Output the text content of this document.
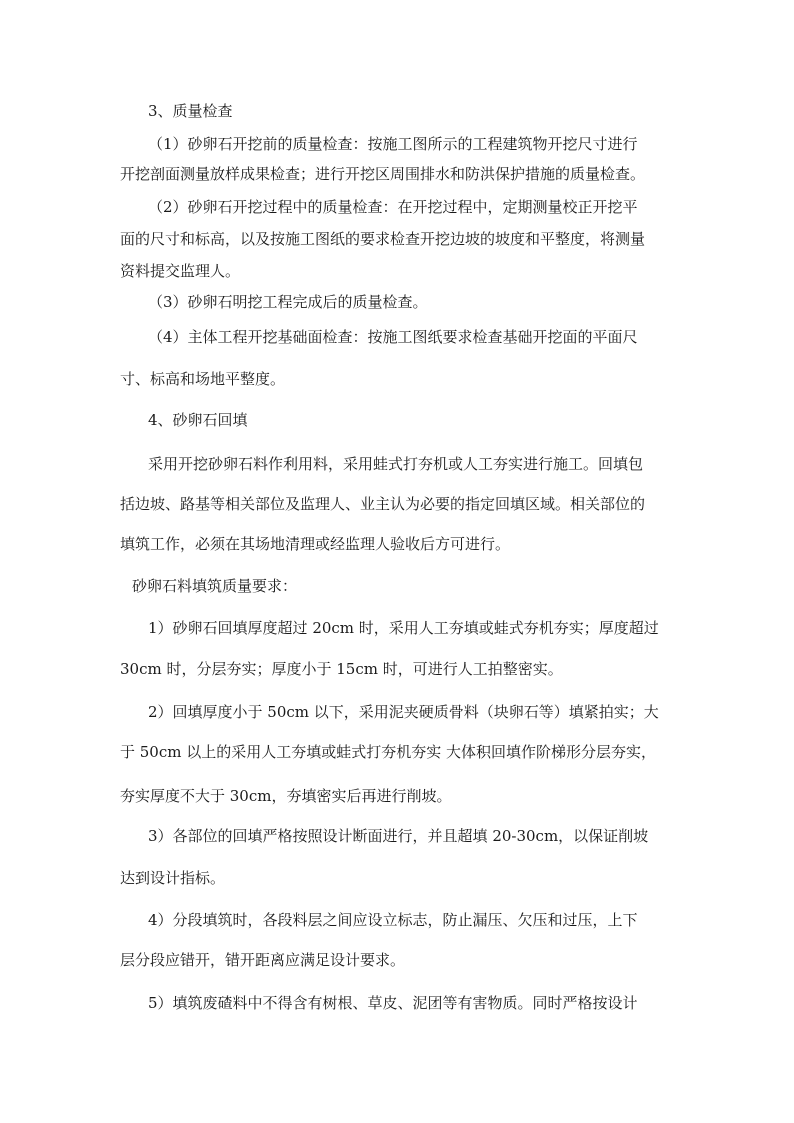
3、质量检查

（1）砂卵石开挖前的质量检查：按施工图所示的工程建筑物开挖尺寸进行

开挖剖面测量放样成果检查；进行开挖区周围排水和防洪保护措施的质量检查。

（2）砂卵石开挖过程中的质量检查：在开挖过程中，定期测量校正开挖平

面的尺寸和标高，以及按施工图纸的要求检查开挖边坡的坡度和平整度，将测量

资料提交监理人。

（3）砂卵石明挖工程完成后的质量检查。

（4）主体工程开挖基础面检查：按施工图纸要求检查基础开挖面的平面尺

寸、标高和场地平整度。

4、砂卵石回填

采用开挖砂卵石料作利用料，采用蛙式打夯机或人工夯实进行施工。回填包

括边坡、路基等相关部位及监理人、业主认为必要的指定回填区域。相关部位的

填筑工作，必须在其场地清理或经监理人验收后方可进行。

砂卵石料填筑质量要求：

1）砂卵石回填厚度超过 20cm 时，采用人工夯填或蛙式夯机夯实；厚度超过

30cm 时，分层夯实；厚度小于 15cm 时，可进行人工拍整密实。

2）回填厚度小于 50cm 以下，采用泥夹硬质骨料（块卵石等）填紧拍实；大

于 50cm 以上的采用人工夯填或蛙式打夯机夯实 大体积回填作阶梯形分层夯实，

夯实厚度不大于 30cm，夯填密实后再进行削坡。

3）各部位的回填严格按照设计断面进行，并且超填 20-30cm，以保证削坡

达到设计指标。

4）分段填筑时，各段料层之间应设立标志，防止漏压、欠压和过压，上下

层分段应错开，错开距离应满足设计要求。

5）填筑废碴料中不得含有树根、草皮、泥团等有害物质。同时严格按设计
